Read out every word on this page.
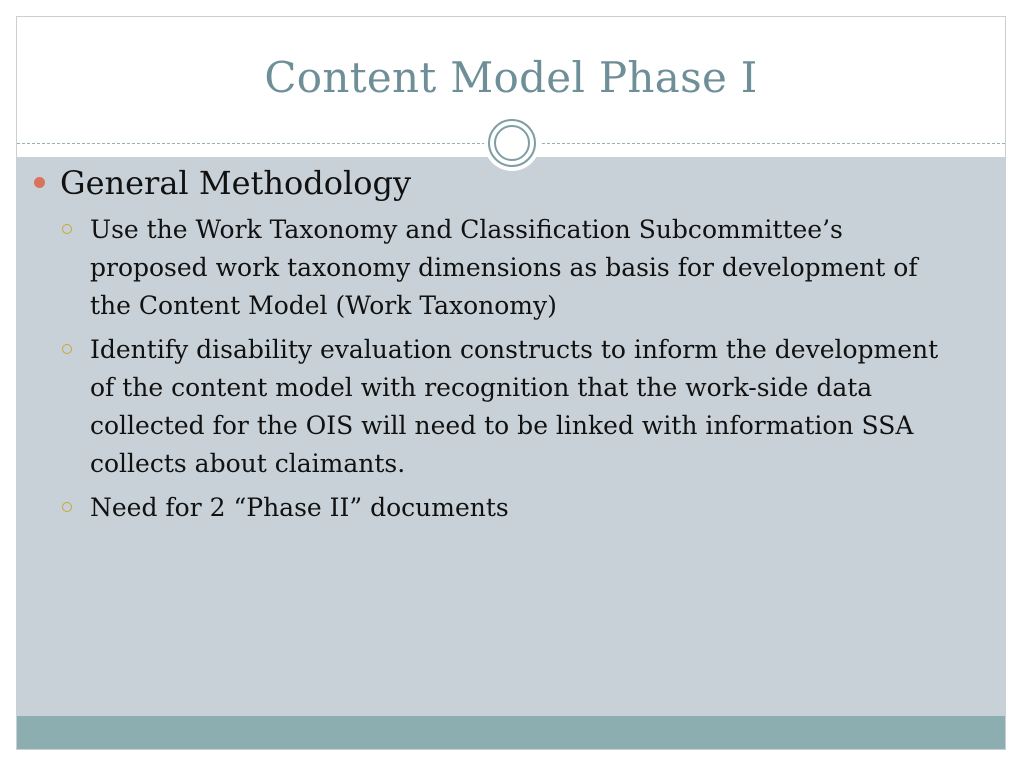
Content Model Phase I
General Methodology
Use the Work Taxonomy and Classification Subcommittee’s proposed work taxonomy dimensions as basis for development of the Content Model (Work Taxonomy)
Identify disability evaluation constructs to inform the development of the content model with recognition that the work-side data collected for the OIS will need to be linked with information SSA collects about claimants.
Need for 2 “Phase II” documents
